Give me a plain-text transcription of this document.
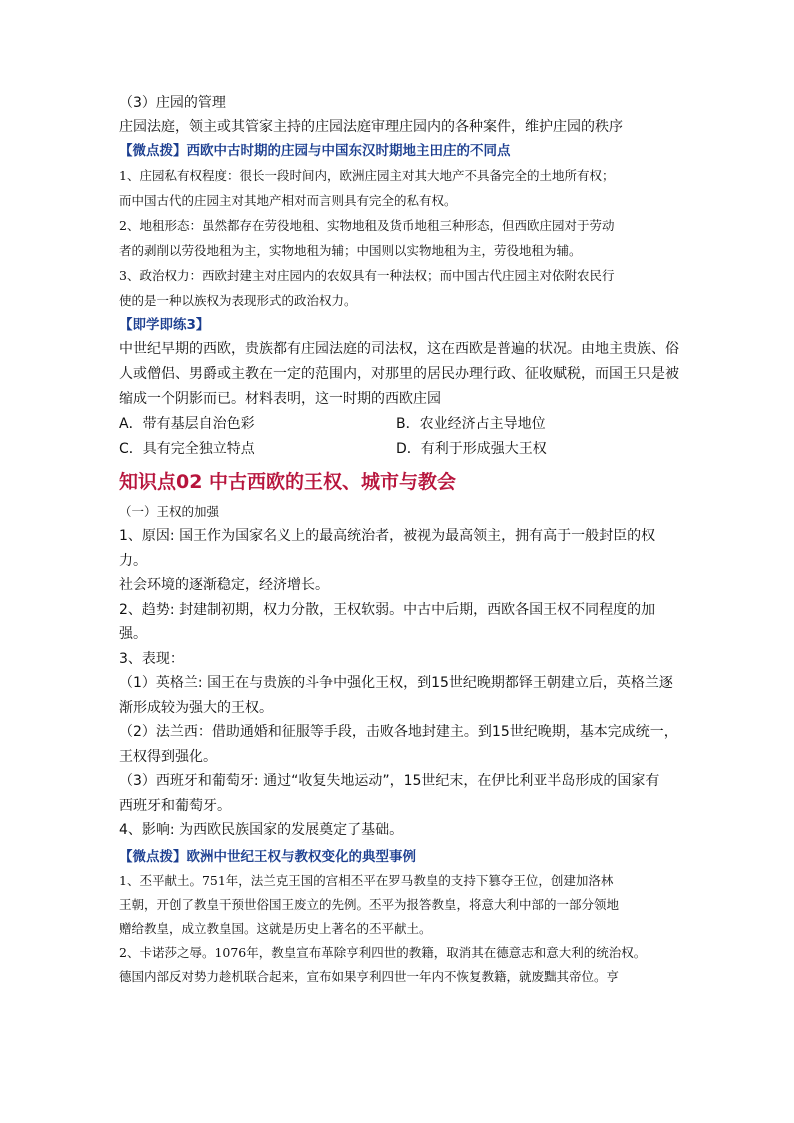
（3）庄园的管理

庄园法庭，领主或其管家主持的庄园法庭审理庄园内的各种案件，维护庄园的秩序

【微点拨】西欧中古时期的庄园与中国东汉时期地主田庄的不同点

1、庄园私有权程度：很长一段时间内，欧洲庄园主对其大地产不具备完全的土地所有权；

而中国古代的庄园主对其地产相对而言则具有完全的私有权。

2、地租形态：虽然都存在劳役地租、实物地租及货币地租三种形态，但西欧庄园对于劳动

者的剥削以劳役地租为主，实物地租为辅；中国则以实物地租为主，劳役地租为辅。

3、政治权力：西欧封建主对庄园内的农奴具有一种法权；而中国古代庄园主对依附农民行

使的是一种以族权为表现形式的政治权力。

【即学即练3】

中世纪早期的西欧，贵族都有庄园法庭的司法权，这在西欧是普遍的状况。由地主贵族、俗

人或僧侣、男爵或主教在一定的范围内，对那里的居民办理行政、征收赋税，而国王只是被

缩成一个阴影而已。材料表明，这一时期的西欧庄园

A．带有基层自治色彩	B．农业经济占主导地位
C．具有完全独立特点	D．有利于形成强大王权
知识点02 中古西欧的王权、城市与教会

（一）王权的加强

1、原因: 国王作为国家名义上的最高统治者，被视为最高领主，拥有高于一般封臣的权力。

社会环境的逐渐稳定，经济增长。

2、趋势: 封建制初期，权力分散，王权软弱。中古中后期，西欧各国王权不同程度的加强。

3、表现：

（1）英格兰: 国王在与贵族的斗争中强化王权，到15世纪晚期都铎王朝建立后，英格兰逐

渐形成较为强大的王权。

（2）法兰西：借助通婚和征服等手段，击败各地封建主。到15世纪晚期，基本完成统一，

王权得到强化。

（3）西班牙和葡萄牙: 通过“收复失地运动”，15世纪末，在伊比利亚半岛形成的国家有

西班牙和葡萄牙。

4、影响: 为西欧民族国家的发展奠定了基础。

【微点拨】欧洲中世纪王权与教权变化的典型事例

1、丕平献土。751年，法兰克王国的宫相丕平在罗马教皇的支持下篡夺王位，创建加洛林

王朝，开创了教皇干预世俗国王废立的先例。丕平为报答教皇，将意大利中部的一部分领地

赠给教皇，成立教皇国。这就是历史上著名的丕平献土。

2、卡诺莎之辱。1076年，教皇宣布革除亨利四世的教籍，取消其在德意志和意大利的统治权。

德国内部反对势力趁机联合起来，宣布如果亨利四世一年内不恢复教籍，就废黜其帝位。亨
